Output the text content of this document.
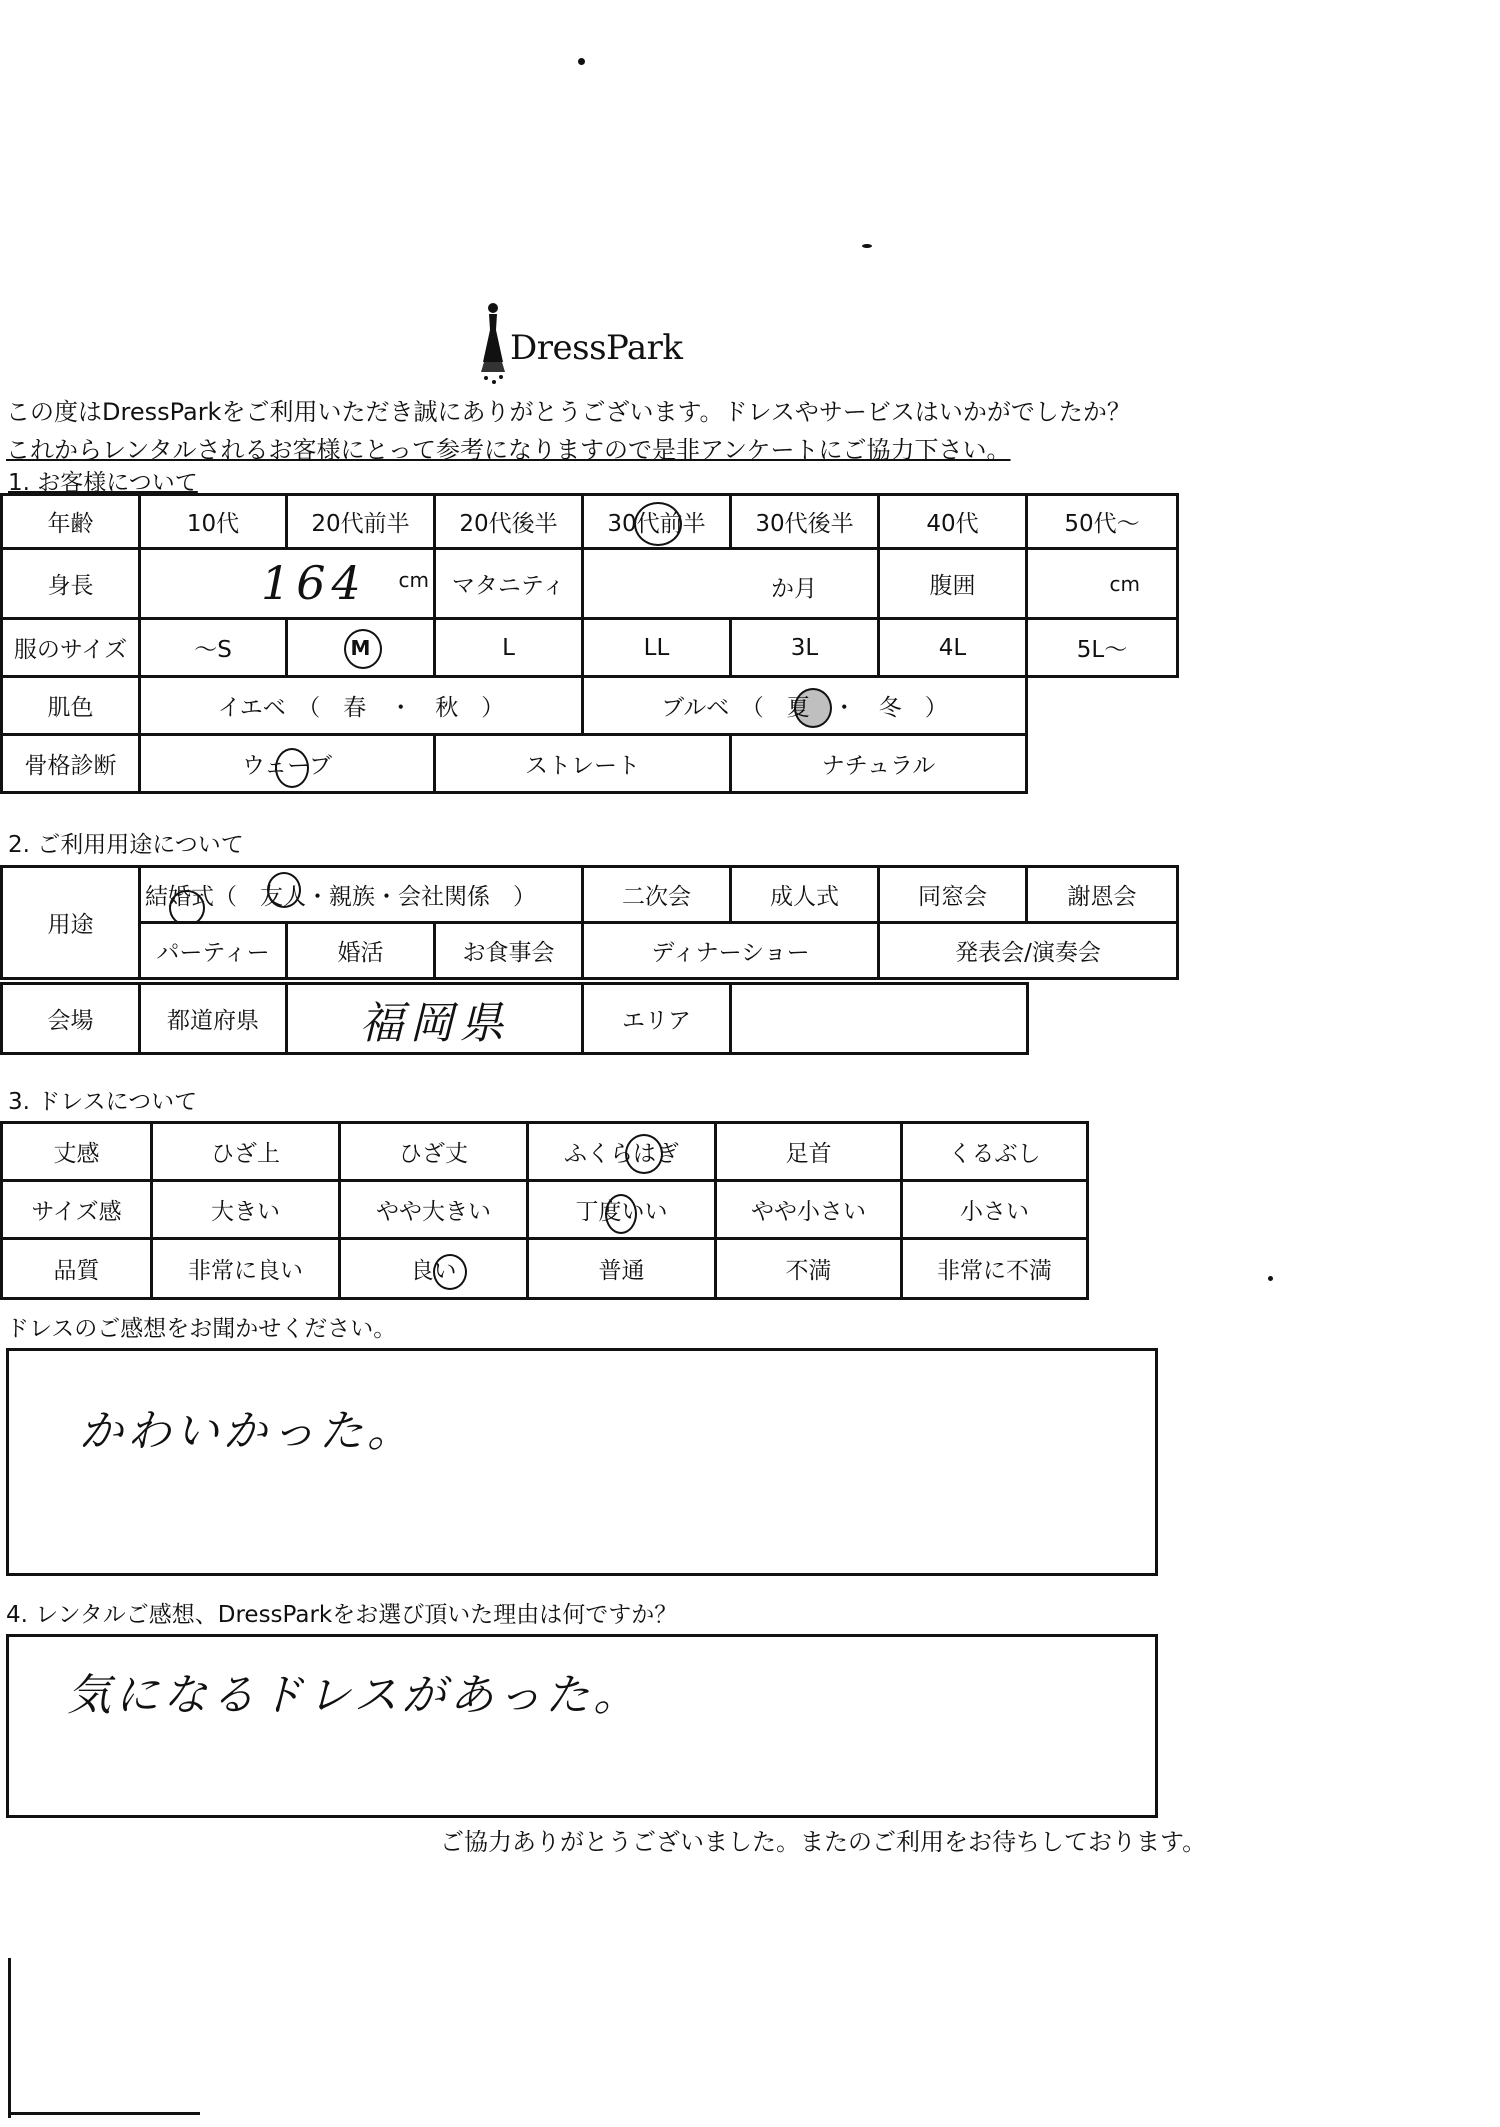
DressPark
この度はDressParkをご利用いただき誠にありがとうございます。ドレスやサービスはいかがでしたか？
これからレンタルされるお客様にとって参考になりますので是非アンケートにご協力下さい。
1. お客様について
年齢	10代	20代前半	20代後半	30代前半	30代後半	40代	50代〜
身長	164 cm		マタニティ	か月		腹囲	cm
服のサイズ	〜S	M	L	LL	3L	4L	5L〜
肌色	イエベ　（　春　・　秋　）			ブルベ　（　夏　・　冬　）		

骨格診断	ウェーブ		ストレート		ナチュラル		
2. ご利用用途について
用途	結婚式（　友人・親族・会社関係　）			二次会	成人式	同窓会	謝恩会
	パーティー	婚活	お食事会	ディナーショー		発表会/演奏会	
会場	都道府県	福岡県	エリア	
3. ドレスについて
丈感	ひざ上	ひざ丈	ふくらはぎ	足首	くるぶし
サイズ感	大きい	やや大きい	丁度いい	やや小さい	小さい
品質	非常に良い	良い	普通	不満	非常に不満
ドレスのご感想をお聞かせください。
かわいかった。
4. レンタルご感想、DressParkをお選び頂いた理由は何ですか？
気になるドレスがあった。
ご協力ありがとうございました。またのご利用をお待ちしております。
